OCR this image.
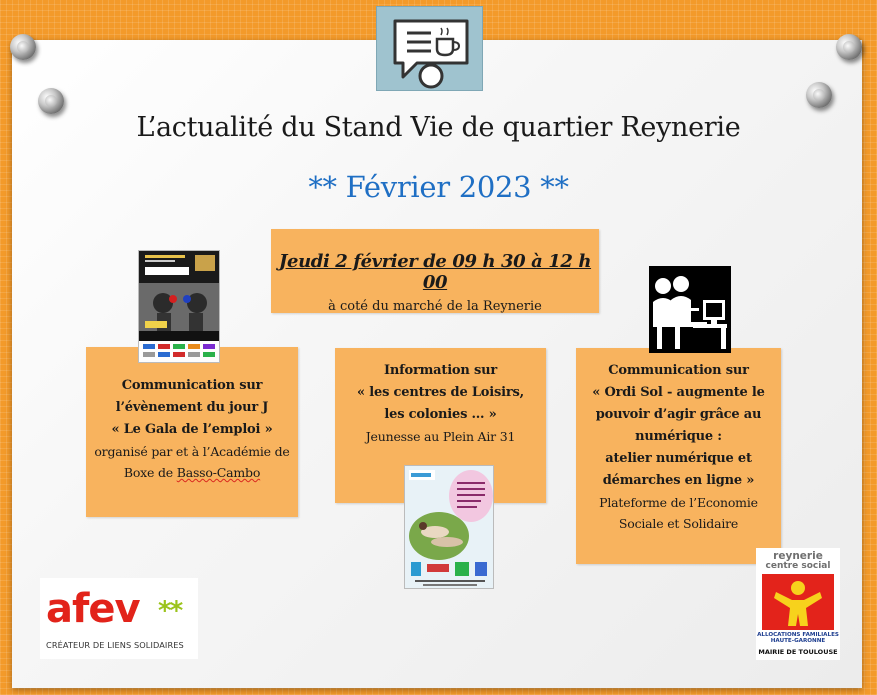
L’actualité du Stand Vie de quartier Reynerie
** Février 2023 **
Jeudi 2 février de 09 h 30 à 12 h 00
à coté du marché de la Reynerie
Communication sur
l’évènement du jour J
« Le Gala de l’emploi »
organisé par et à l’Académie de
Boxe de Basso-Cambo
Information sur
« les centres de Loisirs,
les colonies … »
Jeunesse au Plein Air 31
Communication sur
« Ordi Sol - augmente le
pouvoir d’agir grâce au
numérique :
atelier numérique et
démarches en ligne »
Plateforme de l’Economie
Sociale et Solidaire
afev **
CRÉATEUR DE LIENS SOLIDAIRES
reynerie
centre social
ALLOCATIONS FAMILIALES
HAUTE-GARONNE
MAIRIE DE TOULOUSE
